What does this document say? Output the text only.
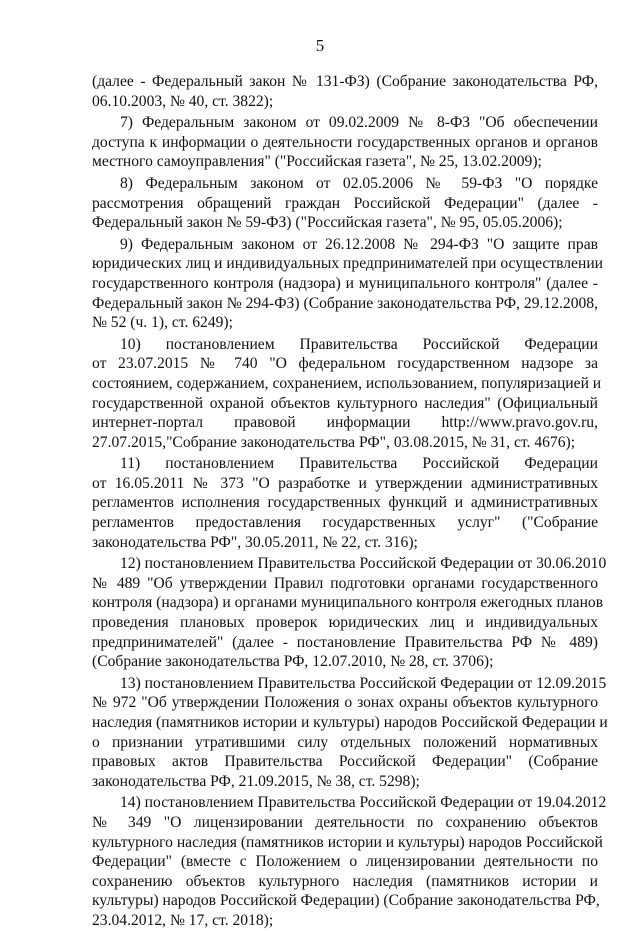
5
(далее - Федеральный закон № 131-ФЗ) (Собрание законодательства РФ,
06.10.2003, № 40, ст. 3822);
7) Федеральным законом от 09.02.2009 № 8-ФЗ "Об обеспечении
доступа к информации о деятельности государственных органов и органов
местного самоуправления" ("Российская газета", № 25, 13.02.2009);
8) Федеральным законом от 02.05.2006 № 59-ФЗ "О порядке
рассмотрения обращений граждан Российской Федерации" (далее -
Федеральный закон № 59-ФЗ) ("Российская газета", № 95, 05.05.2006);
9) Федеральным законом от 26.12.2008 № 294-ФЗ "О защите прав
юридических лиц и индивидуальных предпринимателей при осуществлении
государственного контроля (надзора) и муниципального контроля" (далее -
Федеральный закон № 294-ФЗ) (Собрание законодательства РФ, 29.12.2008,
№ 52 (ч. 1), ст. 6249);
10) постановлением Правительства Российской Федерации
от 23.07.2015 № 740 "О федеральном государственном надзоре за
состоянием, содержанием, сохранением, использованием, популяризацией и
государственной охраной объектов культурного наследия" (Официальный
интернет-портал правовой информации http://www.pravo.gov.ru,
27.07.2015,"Собрание законодательства РФ", 03.08.2015, № 31, ст. 4676);
11) постановлением Правительства Российской Федерации
от 16.05.2011 № 373 "О разработке и утверждении административных
регламентов исполнения государственных функций и административных
регламентов предоставления государственных услуг" ("Собрание
законодательства РФ", 30.05.2011, № 22, ст. 316);
12) постановлением Правительства Российской Федерации от 30.06.2010
№ 489 "Об утверждении Правил подготовки органами государственного
контроля (надзора) и органами муниципального контроля ежегодных планов
проведения плановых проверок юридических лиц и индивидуальных
предпринимателей" (далее - постановление Правительства РФ № 489)
(Собрание законодательства РФ, 12.07.2010, № 28, ст. 3706);
13) постановлением Правительства Российской Федерации от 12.09.2015
№ 972 "Об утверждении Положения о зонах охраны объектов культурного
наследия (памятников истории и культуры) народов Российской Федерации и
о признании утратившими силу отдельных положений нормативных
правовых актов Правительства Российской Федерации" (Собрание
законодательства РФ, 21.09.2015, № 38, ст. 5298);
14) постановлением Правительства Российской Федерации от 19.04.2012
№ 349 "О лицензировании деятельности по сохранению объектов
культурного наследия (памятников истории и культуры) народов Российской
Федерации" (вместе с Положением о лицензировании деятельности по
сохранению объектов культурного наследия (памятников истории и
культуры) народов Российской Федерации) (Собрание законодательства РФ,
23.04.2012, № 17, ст. 2018);
